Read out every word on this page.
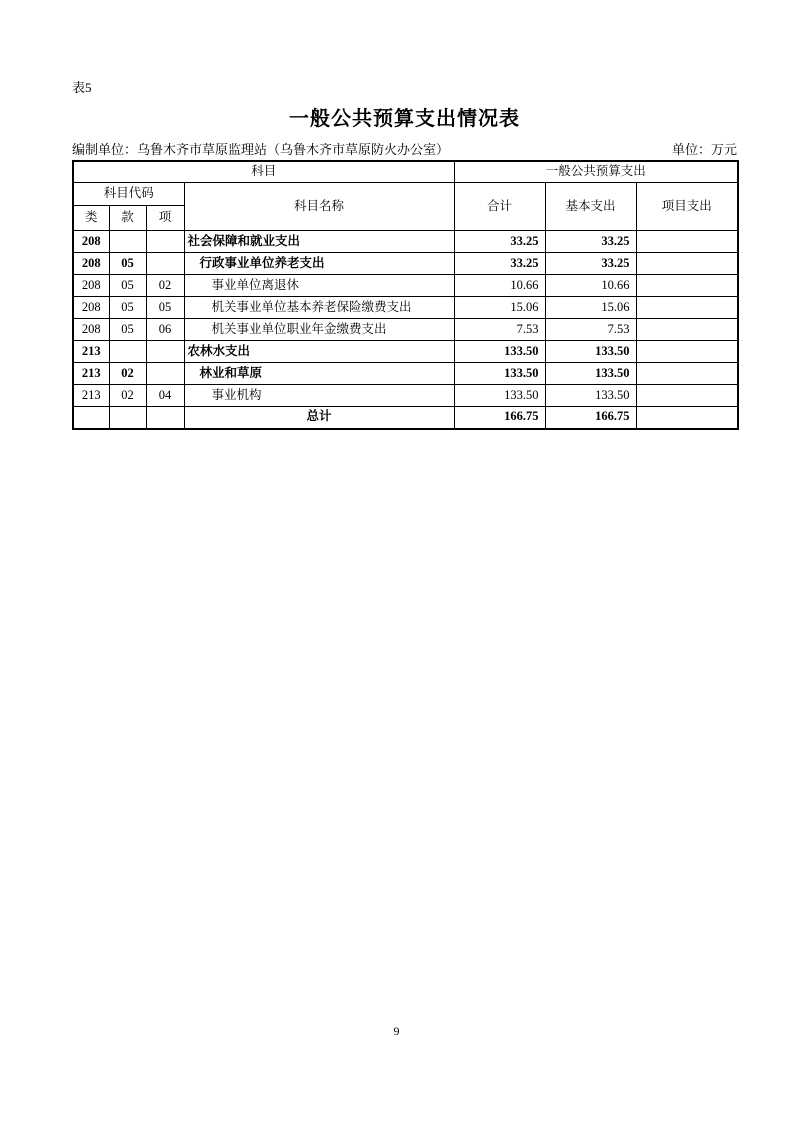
表5
一般公共预算支出情况表
编制单位：乌鲁木齐市草原监理站（乌鲁木齐市草原防火办公室）	单位：万元
科目				一般公共预算支出		
科目代码			科目名称	合计	基本支出	项目支出
类	款	项				
208			社会保障和就业支出	33.25	33.25	
208	05		行政事业单位养老支出	33.25	33.25	
208	05	02	事业单位离退休	10.66	10.66	
208	05	05	机关事业单位基本养老保险缴费支出	15.06	15.06	
208	05	06	机关事业单位职业年金缴费支出	7.53	7.53	
213			农林水支出	133.50	133.50	
213	02		林业和草原	133.50	133.50	
213	02	04	事业机构	133.50	133.50	
			总计	166.75	166.75	
9
